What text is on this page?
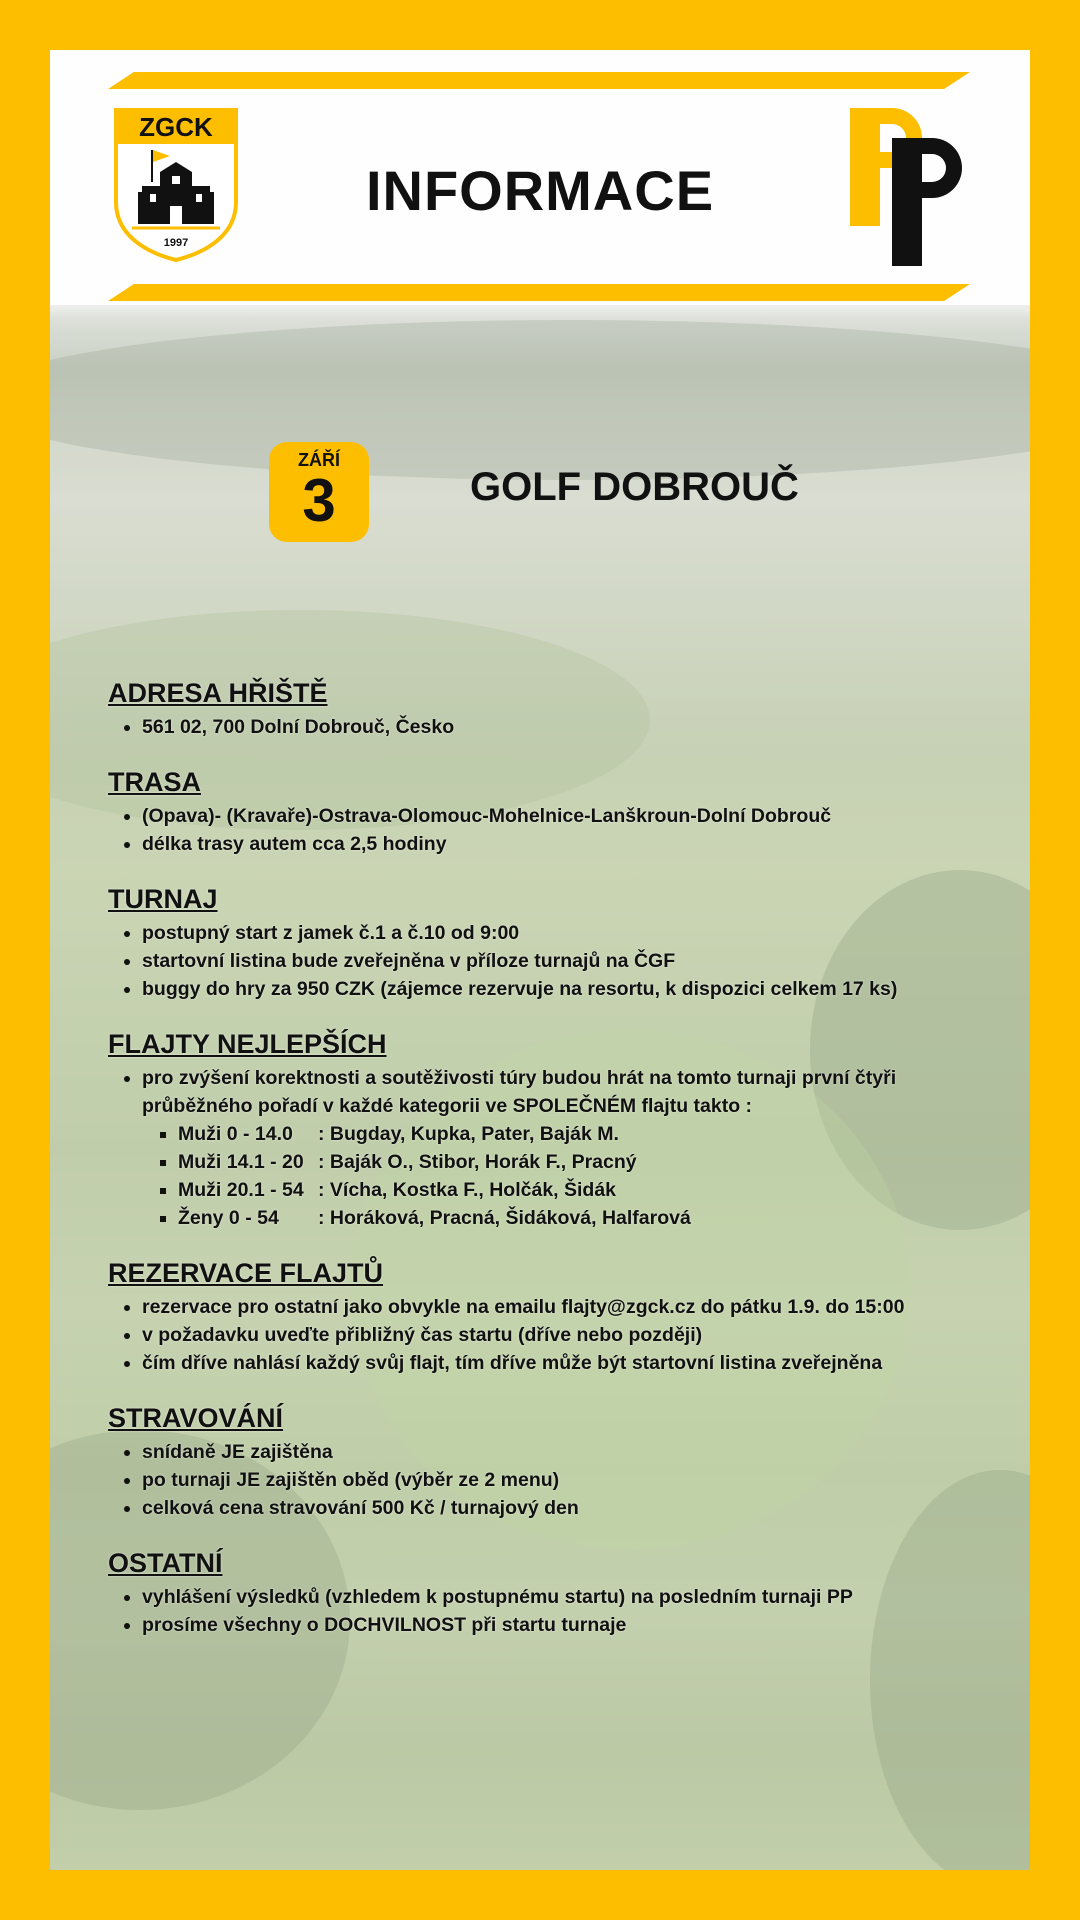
ZGCK
1997
INFORMACE
ZÁŘÍ
3	GOLF DOBROUČ
ADRESA HŘIŠTĚ
• 561 02, 700 Dolní Dobrouč, Česko
TRASA
• (Opava)- (Kravaře)-Ostrava-Olomouc-Mohelnice-Lanškroun-Dolní Dobrouč
• délka trasy autem cca 2,5 hodiny
TURNAJ
• postupný start z jamek č.1 a č.10 od 9:00
• startovní listina bude zveřejněna v příloze turnajů na ČGF
• buggy do hry za 950 CZK (zájemce rezervuje na resortu, k dispozici celkem 17 ks)
FLAJTY NEJLEPŠÍCH
• pro zvýšení korektnosti a soutěživosti túry budou hrát na tomto turnaji první čtyři průběžného pořadí v každé kategorii ve SPOLEČNÉM flajtu takto :
▪ Muži 0 - 14.0 : Bugday, Kupka, Pater, Baják M.
▪ Muži 14.1 - 20 : Baják O., Stibor, Horák F., Pracný
▪ Muži 20.1 - 54 : Vícha, Kostka F., Holčák, Šidák
▪ Ženy 0 - 54 : Horáková, Pracná, Šidáková, Halfarová
REZERVACE FLAJTŮ
• rezervace pro ostatní jako obvykle na emailu flajty@zgck.cz do pátku 1.9. do 15:00
• v požadavku uveďte přibližný čas startu (dříve nebo později)
• čím dříve nahlásí každý svůj flajt, tím dříve může být startovní listina zveřejněna
STRAVOVÁNÍ
• snídaně JE zajištěna
• po turnaji JE zajištěn oběd (výběr ze 2 menu)
• celková cena stravování 500 Kč / turnajový den
OSTATNÍ
• vyhlášení výsledků (vzhledem k postupnému startu) na posledním turnaji PP
• prosíme všechny o DOCHVILNOST při startu turnaje
